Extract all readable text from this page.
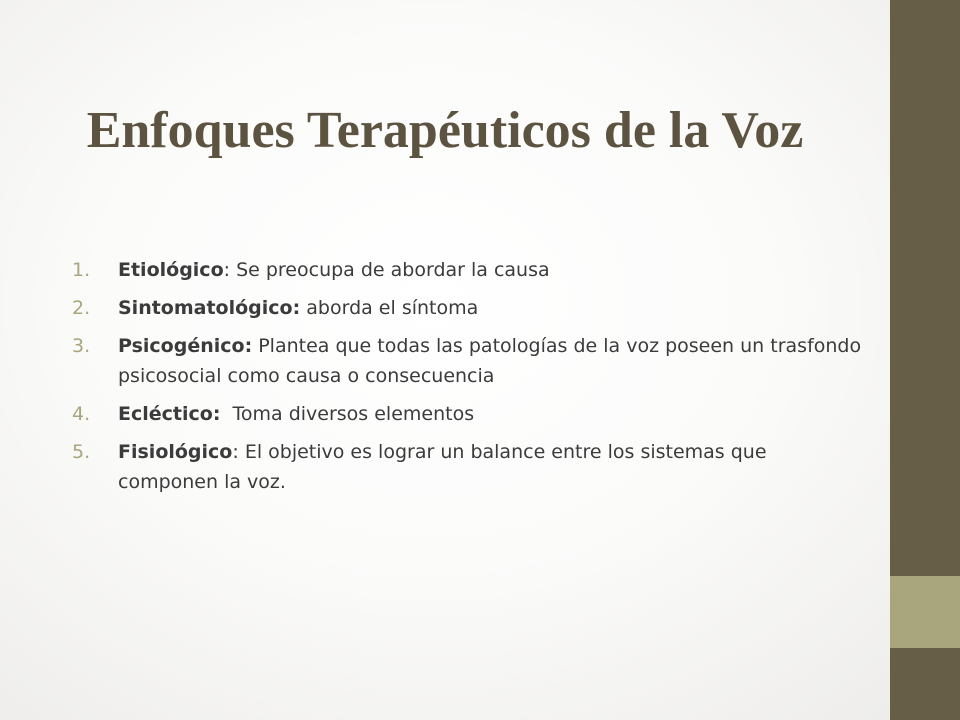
Enfoques Terapéuticos de la Voz
1. Etiológico: Se preocupa de abordar la causa
2. Sintomatológico: aborda el síntoma
3. Psicogénico: Plantea que todas las patologías de la voz poseen un trasfondo psicosocial como causa o consecuencia
4. Ecléctico:  Toma diversos elementos
5. Fisiológico: El objetivo es lograr un balance entre los sistemas que componen la voz.
